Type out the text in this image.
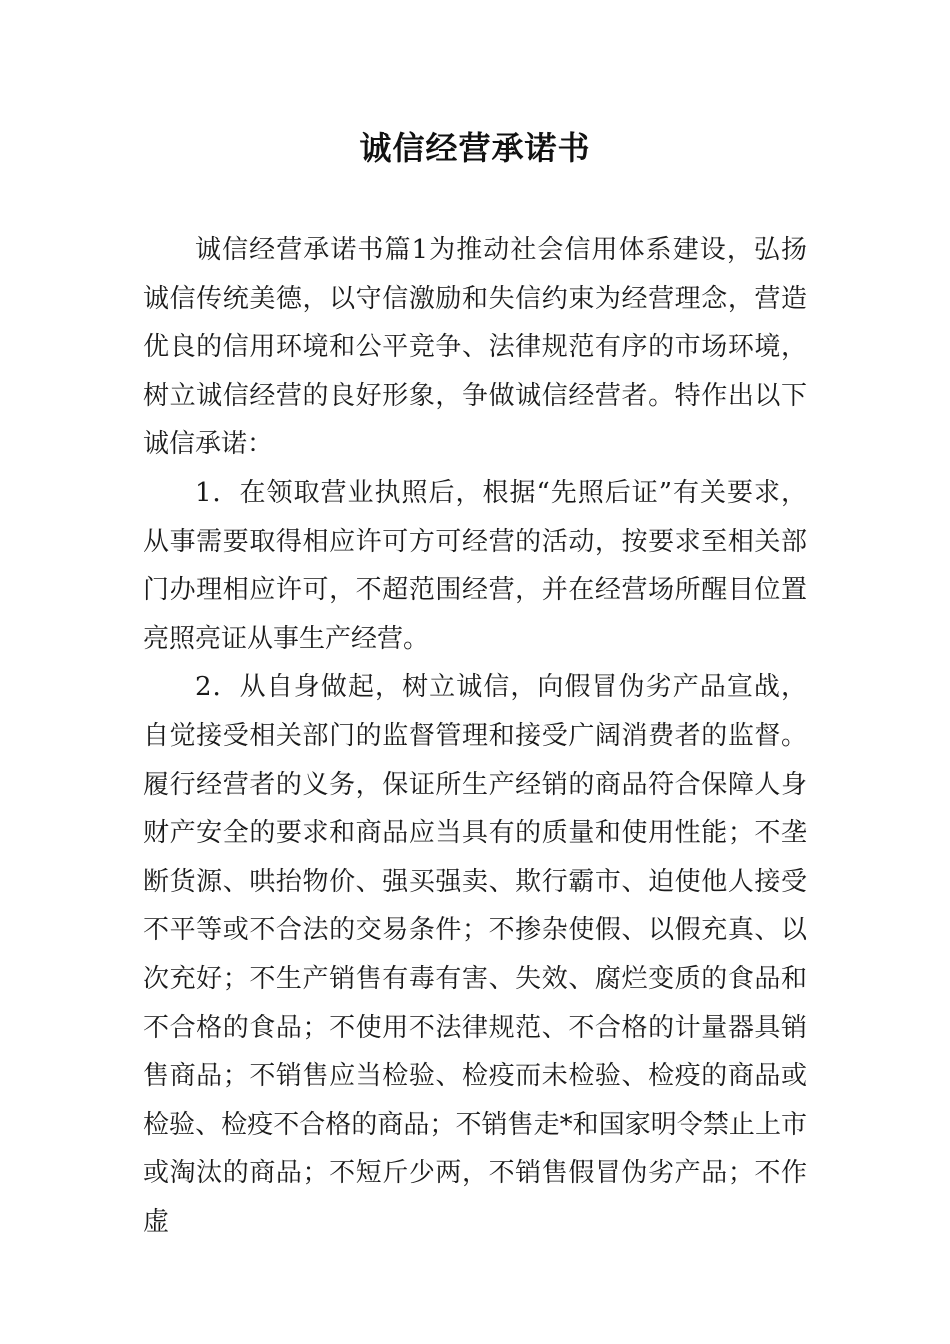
诚信经营承诺书

诚信经营承诺书篇1为推动社会信用体系建设，弘扬诚信传统美德，以守信激励和失信约束为经营理念，营造优良的信用环境和公平竞争、法律规范有序的市场环境，树立诚信经营的良好形象，争做诚信经营者。特作出以下诚信承诺：

1．在领取营业执照后，根据“先照后证”有关要求，从事需要取得相应许可方可经营的活动，按要求至相关部门办理相应许可，不超范围经营，并在经营场所醒目位置亮照亮证从事生产经营。

2．从自身做起，树立诚信，向假冒伪劣产品宣战，自觉接受相关部门的监督管理和接受广阔消费者的监督。履行经营者的义务，保证所生产经销的商品符合保障人身财产安全的要求和商品应当具有的质量和使用性能；不垄断货源、哄抬物价、强买强卖、欺行霸市、迫使他人接受不平等或不合法的交易条件；不掺杂使假、以假充真、以次充好；不生产销售有毒有害、失效、腐烂变质的食品和不合格的食品；不使用不法律规范、不合格的计量器具销售商品；不销售应当检验、检疫而未检验、检疫的商品或检验、检疫不合格的商品；不销售走*和国家明令禁止上市或淘汰的商品；不短斤少两，不销售假冒伪劣产品；不作虚
